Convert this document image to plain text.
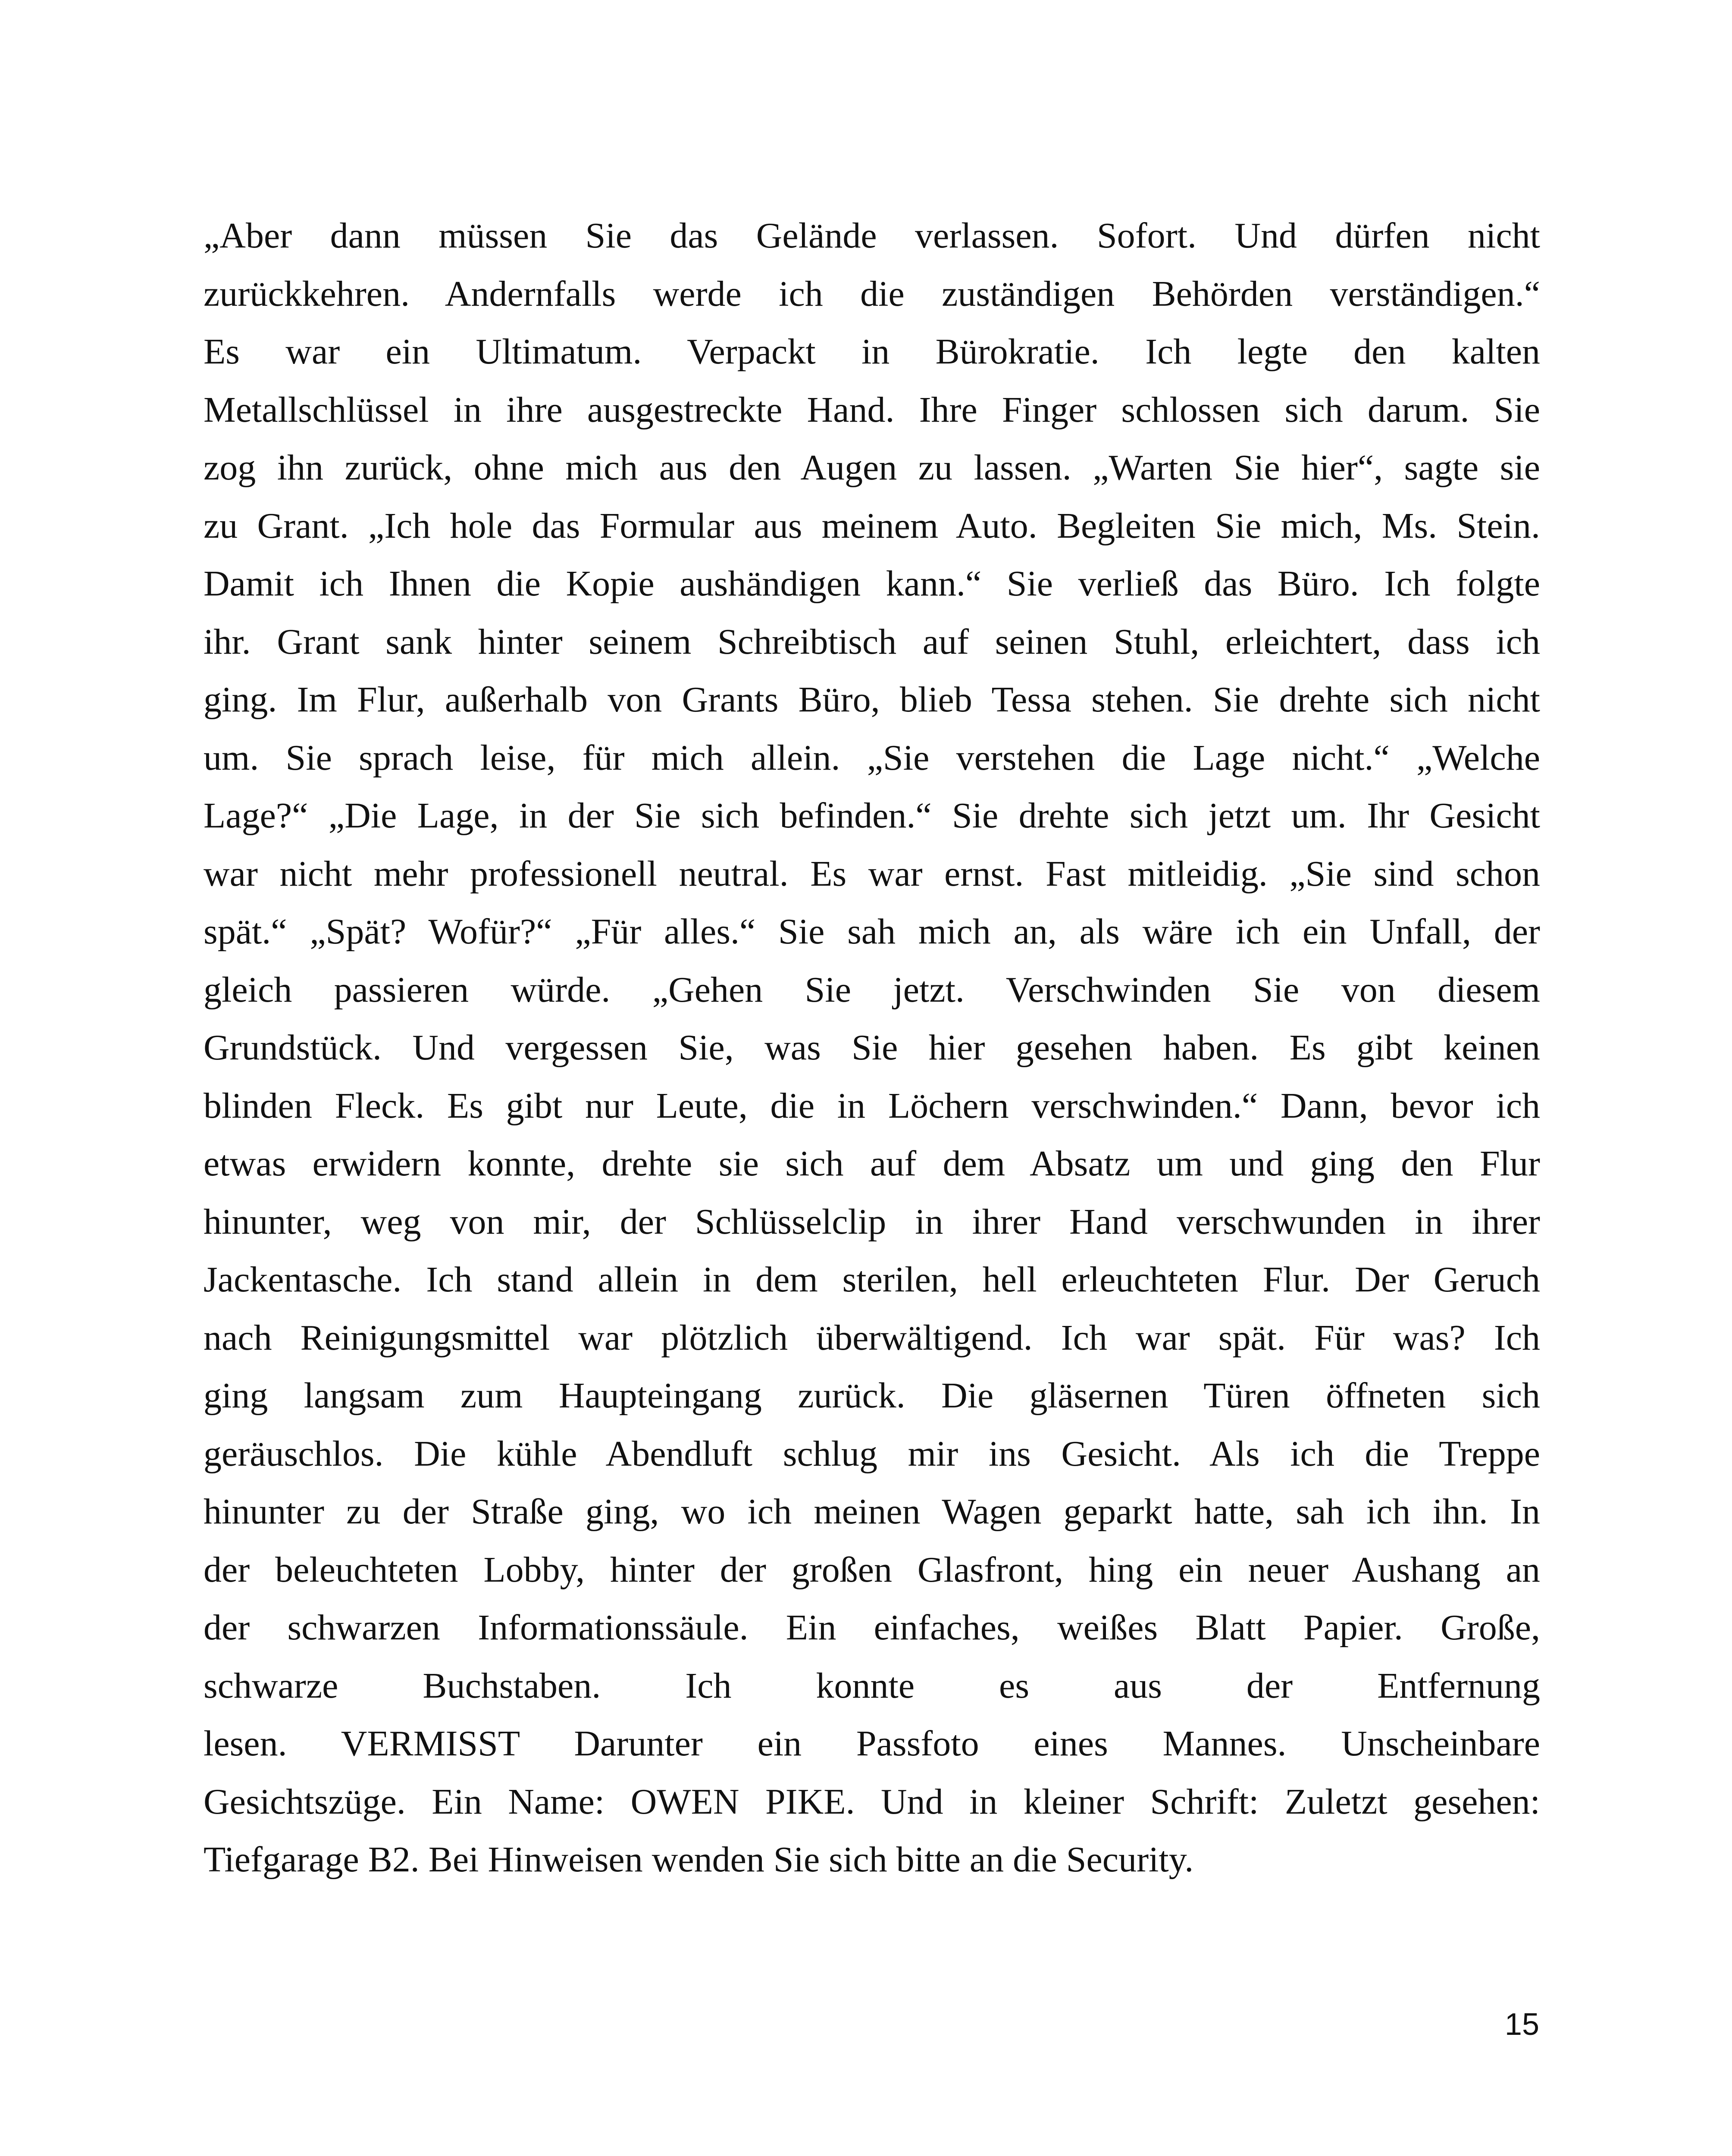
„Aber dann müssen Sie das Gelände verlassen. Sofort. Und dürfen nicht
zurückkehren. Andernfalls werde ich die zuständigen Behörden verständigen.“
Es war ein Ultimatum. Verpackt in Bürokratie. Ich legte den kalten
Metallschlüssel in ihre ausgestreckte Hand. Ihre Finger schlossen sich darum. Sie
zog ihn zurück, ohne mich aus den Augen zu lassen. „Warten Sie hier“, sagte sie
zu Grant. „Ich hole das Formular aus meinem Auto. Begleiten Sie mich, Ms. Stein.
Damit ich Ihnen die Kopie aushändigen kann.“ Sie verließ das Büro. Ich folgte
ihr. Grant sank hinter seinem Schreibtisch auf seinen Stuhl, erleichtert, dass ich
ging. Im Flur, außerhalb von Grants Büro, blieb Tessa stehen. Sie drehte sich nicht
um. Sie sprach leise, für mich allein. „Sie verstehen die Lage nicht.“ „Welche
Lage?“ „Die Lage, in der Sie sich befinden.“ Sie drehte sich jetzt um. Ihr Gesicht
war nicht mehr professionell neutral. Es war ernst. Fast mitleidig. „Sie sind schon
spät.“ „Spät? Wofür?“ „Für alles.“ Sie sah mich an, als wäre ich ein Unfall, der
gleich passieren würde. „Gehen Sie jetzt. Verschwinden Sie von diesem
Grundstück. Und vergessen Sie, was Sie hier gesehen haben. Es gibt keinen
blinden Fleck. Es gibt nur Leute, die in Löchern verschwinden.“ Dann, bevor ich
etwas erwidern konnte, drehte sie sich auf dem Absatz um und ging den Flur
hinunter, weg von mir, der Schlüsselclip in ihrer Hand verschwunden in ihrer
Jackentasche. Ich stand allein in dem sterilen, hell erleuchteten Flur. Der Geruch
nach Reinigungsmittel war plötzlich überwältigend. Ich war spät. Für was? Ich
ging langsam zum Haupteingang zurück. Die gläsernen Türen öffneten sich
geräuschlos. Die kühle Abendluft schlug mir ins Gesicht. Als ich die Treppe
hinunter zu der Straße ging, wo ich meinen Wagen geparkt hatte, sah ich ihn. In
der beleuchteten Lobby, hinter der großen Glasfront, hing ein neuer Aushang an
der schwarzen Informationssäule. Ein einfaches, weißes Blatt Papier. Große,
schwarze Buchstaben. Ich konnte es aus der Entfernung
lesen. VERMISST Darunter ein Passfoto eines Mannes. Unscheinbare
Gesichtszüge. Ein Name: OWEN PIKE. Und in kleiner Schrift: Zuletzt gesehen:
Tiefgarage B2. Bei Hinweisen wenden Sie sich bitte an die Security.
15
